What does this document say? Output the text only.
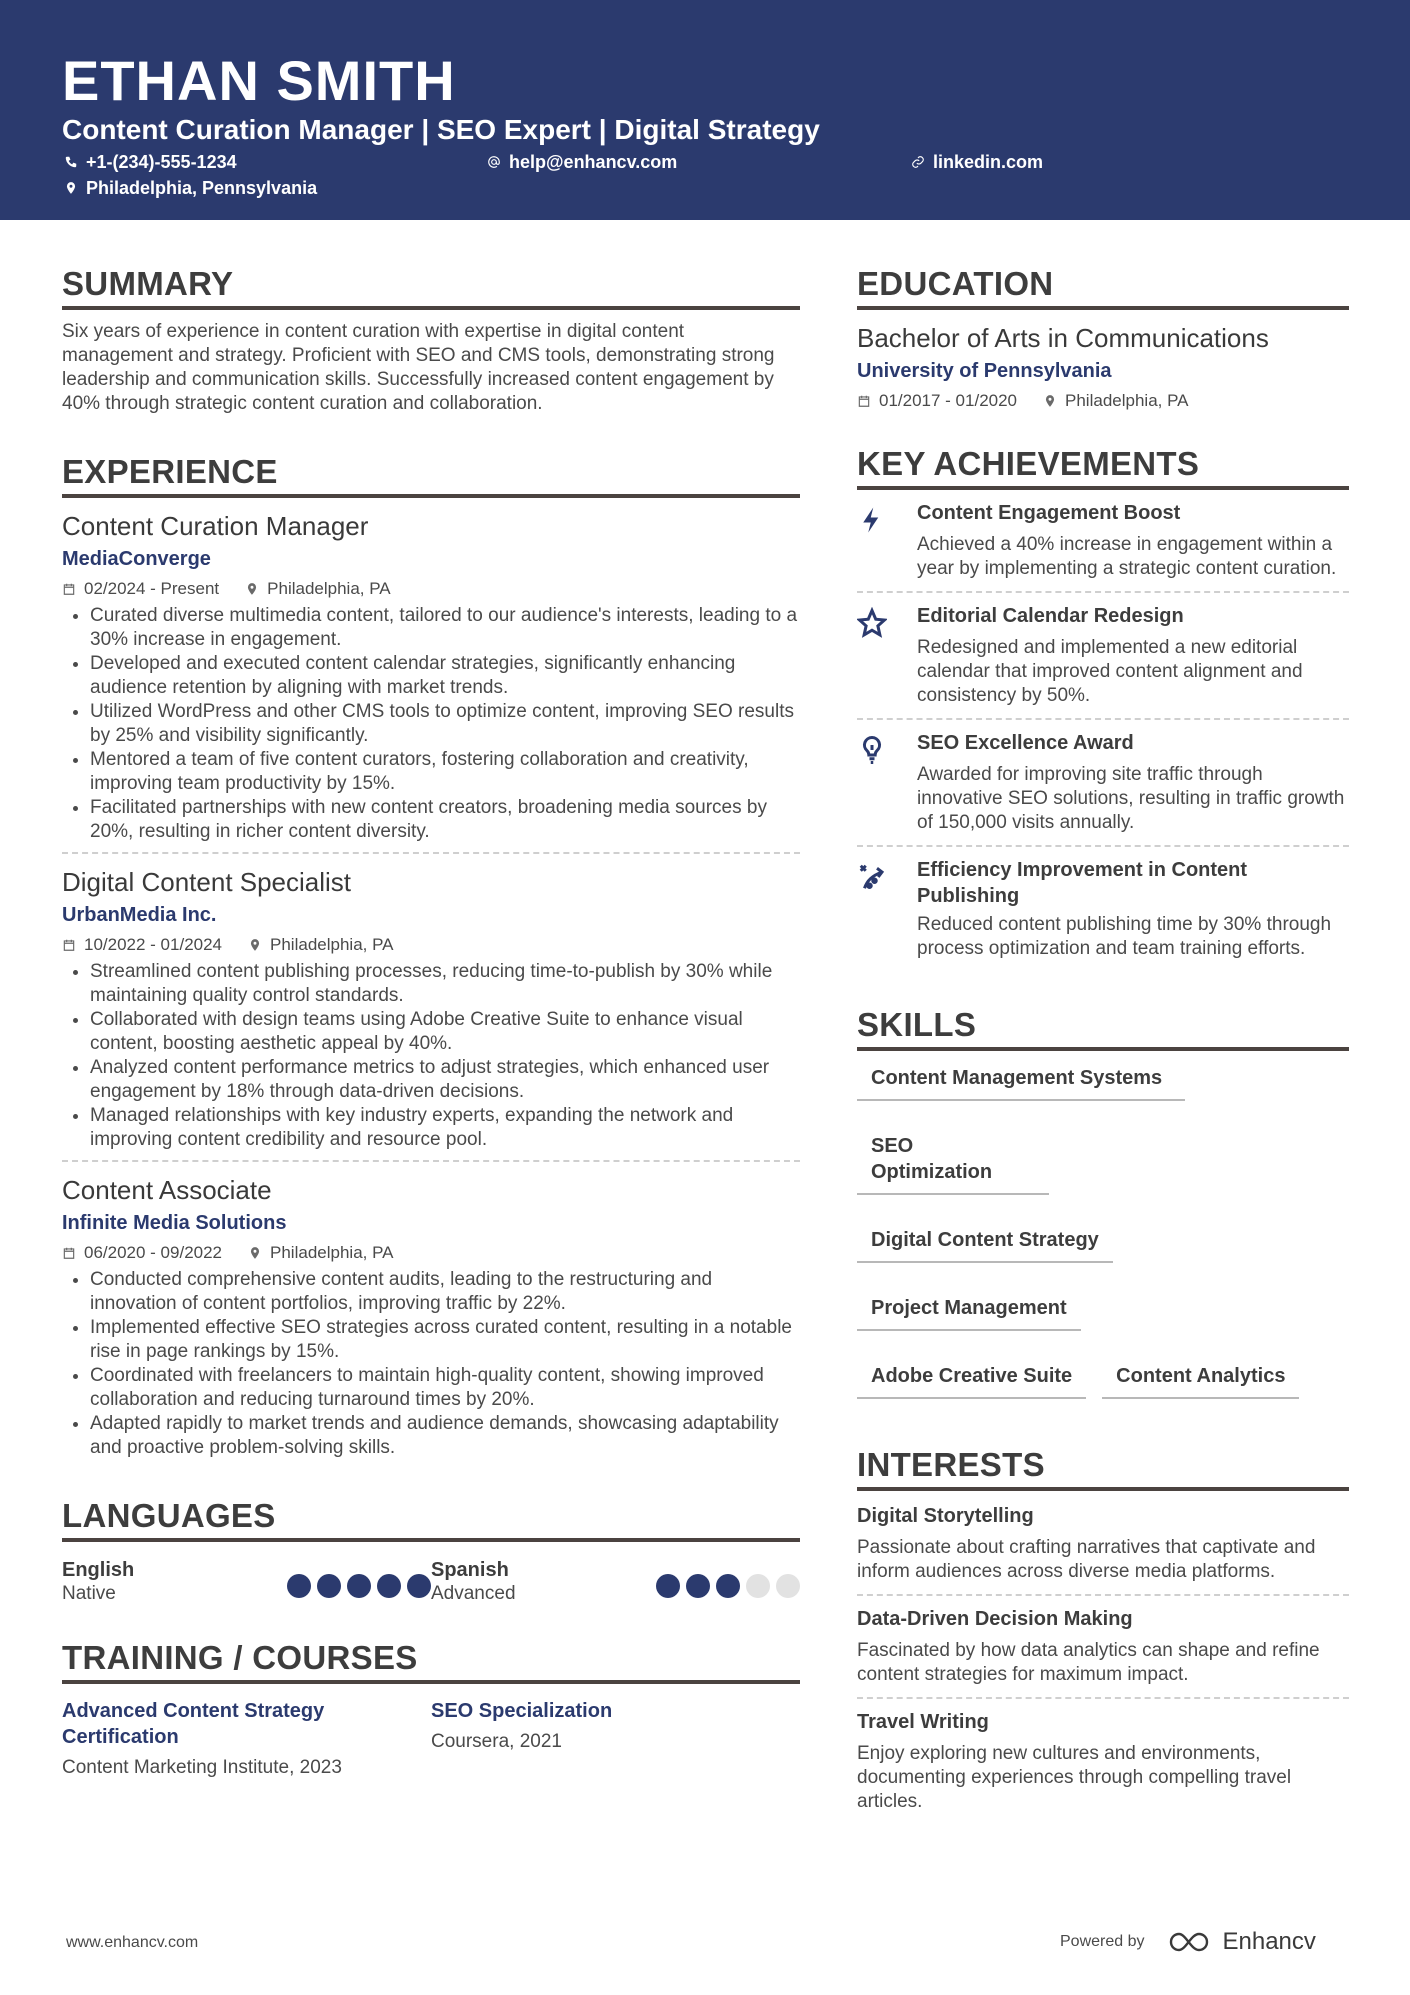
ETHAN SMITH
Content Curation Manager | SEO Expert | Digital Strategy
+1-(234)-555-1234	help@enhancv.com	linkedin.com
Philadelphia, Pennsylvania
SUMMARY
Six years of experience in content curation with expertise in digital content management and strategy. Proficient with SEO and CMS tools, demonstrating strong leadership and communication skills. Successfully increased content engagement by 40% through strategic content curation and collaboration.
EXPERIENCE
Content Curation Manager
MediaConverge
02/2024 - Present	Philadelphia, PA
• Curated diverse multimedia content, tailored to our audience's interests, leading to a 30% increase in engagement.
• Developed and executed content calendar strategies, significantly enhancing audience retention by aligning with market trends.
• Utilized WordPress and other CMS tools to optimize content, improving SEO results by 25% and visibility significantly.
• Mentored a team of five content curators, fostering collaboration and creativity, improving team productivity by 15%.
• Facilitated partnerships with new content creators, broadening media sources by 20%, resulting in richer content diversity.
Digital Content Specialist
UrbanMedia Inc.
10/2022 - 01/2024	Philadelphia, PA
• Streamlined content publishing processes, reducing time-to-publish by 30% while maintaining quality control standards.
• Collaborated with design teams using Adobe Creative Suite to enhance visual content, boosting aesthetic appeal by 40%.
• Analyzed content performance metrics to adjust strategies, which enhanced user engagement by 18% through data-driven decisions.
• Managed relationships with key industry experts, expanding the network and improving content credibility and resource pool.
Content Associate
Infinite Media Solutions
06/2020 - 09/2022	Philadelphia, PA
• Conducted comprehensive content audits, leading to the restructuring and innovation of content portfolios, improving traffic by 22%.
• Implemented effective SEO strategies across curated content, resulting in a notable rise in page rankings by 15%.
• Coordinated with freelancers to maintain high-quality content, showing improved collaboration and reducing turnaround times by 20%.
• Adapted rapidly to market trends and audience demands, showcasing adaptability and proactive problem-solving skills.
LANGUAGES
English
Native
Spanish
Advanced
TRAINING / COURSES
Advanced Content Strategy Certification
Content Marketing Institute, 2023
SEO Specialization
Coursera, 2021
EDUCATION
Bachelor of Arts in Communications
University of Pennsylvania
01/2017 - 01/2020	Philadelphia, PA
KEY ACHIEVEMENTS
Content Engagement Boost
Achieved a 40% increase in engagement within a year by implementing a strategic content curation.
Editorial Calendar Redesign
Redesigned and implemented a new editorial calendar that improved content alignment and consistency by 50%.
SEO Excellence Award
Awarded for improving site traffic through innovative SEO solutions, resulting in traffic growth of 150,000 visits annually.
Efficiency Improvement in Content Publishing
Reduced content publishing time by 30% through process optimization and team training efforts.
SKILLS
Content Management Systems
SEO Optimization
Digital Content Strategy
Project Management
Adobe Creative Suite	Content Analytics
INTERESTS
Digital Storytelling
Passionate about crafting narratives that captivate and inform audiences across diverse media platforms.
Data-Driven Decision Making
Fascinated by how data analytics can shape and refine content strategies for maximum impact.
Travel Writing
Enjoy exploring new cultures and environments, documenting experiences through compelling travel articles.
www.enhancv.com	Powered by	Enhancv
